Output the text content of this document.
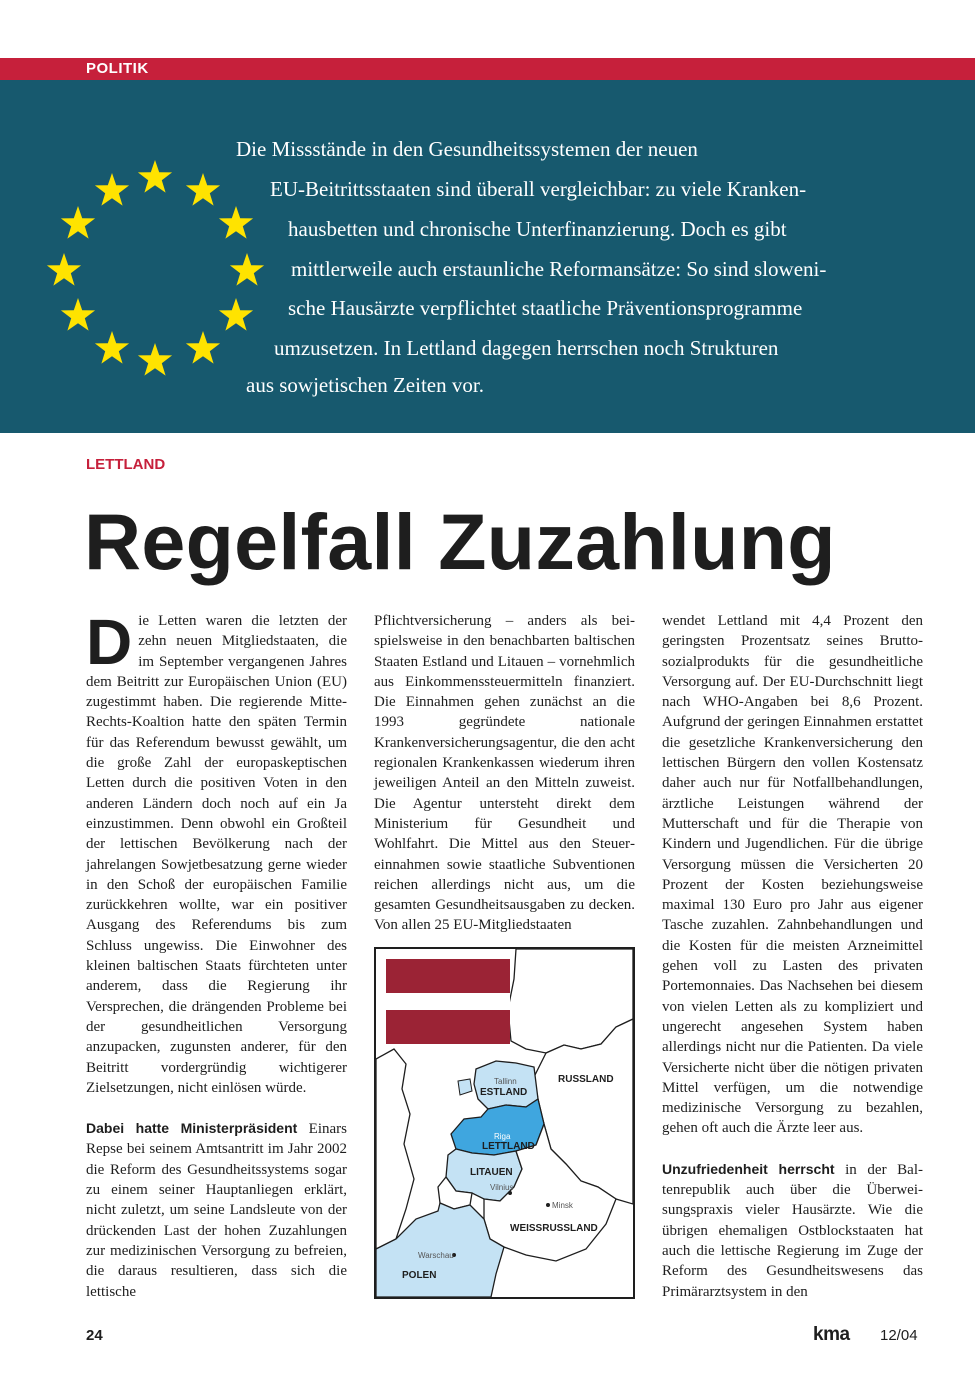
POLITIK
Die Missstände in den Gesundheitssystemen der neuen
EU-Beitrittsstaaten sind überall vergleichbar: zu viele Kranken-
hausbetten und chronische Unterfinanzierung. Doch es gibt
mittlerweile auch erstaunliche Reformansätze: So sind sloweni-
sche Hausärzte verpflichtet staatliche Präventionsprogramme
umzusetzen. In Lettland dagegen herrschen noch Strukturen
aus sowjetischen Zeiten vor.
LETTLAND
Regelfall Zuzahlung

Die Letten waren die letzten der zehn neuen Mitgliedstaaten, die im September vergangenen Jahres dem Beitritt zur Europäischen Union (EU) zugestimmt haben. Die regierende Mitte-Rechts-Koaltion hatte den späten Termin für das Referendum bewusst gewählt, um die große Zahl der europaskeptischen Letten durch die positiven Voten in den anderen Ländern doch noch auf ein Ja einzustimmen. Denn obwohl ein Großteil der lettischen Bevölkerung nach der jahrelangen Sowjetbesatzung gerne wieder in den Schoß der europäischen Familie zurückkehren wollte, war ein positiver Ausgang des Referendums bis zum Schluss ungewiss. Die Einwohner des kleinen baltischen Staats fürchteten unter anderem, dass die Regierung ihr Versprechen, die drängenden Probleme bei der gesundheitlichen Versorgung anzupacken, zugunsten anderer, für den Beitritt vordergründig wichtigerer Zielsetzungen, nicht einlösen würde.

Dabei hatte Ministerpräsident Einars Repse bei seinem Amtsantritt im Jahr 2002 die Reform des Gesundheitssystems sogar zu einem seiner Hauptanliegen erklärt, nicht zuletzt, um seine Landsleute von der drückenden Last der hohen Zuzahlungen zur medizinischen Versorgung zu befreien, die daraus resultieren, dass sich die lettische

Pflichtversicherung – anders als beispielsweise in den benachbarten baltischen Staaten Estland und Litauen – vornehmlich aus Einkommenssteuermitteln finanziert. Die Einnahmen gehen zunächst an die 1993 gegründete nationale Krankenversicherungsagentur, die den acht regionalen Krankenkassen wiederum ihren jeweiligen Anteil an den Mitteln zuweist. Die Agentur untersteht direkt dem Ministerium für Gesundheit und Wohlfahrt. Die Mittel aus den Steuereinnahmen sowie staatliche Subventionen reichen allerdings nicht aus, um die gesamten Gesundheitsausgaben zu decken. Von allen 25 EU-Mitgliedstaaten

wendet Lettland mit 4,4 Prozent den geringsten Prozentsatz seines Bruttosozialprodukts für die gesundheitliche Versorgung auf. Der EU-Durchschnitt liegt nach WHO-Angaben bei 8,6 Prozent. Aufgrund der geringen Einnahmen erstattet die gesetzliche Krankenversicherung den lettischen Bürgern den vollen Kostensatz daher auch nur für Notfallbehandlungen, ärztliche Leistungen während der Mutterschaft und für die Therapie von Kindern und Jugendlichen. Für die übrige Versorgung müssen die Versicherten 20 Prozent der Kosten beziehungsweise maximal 130 Euro pro Jahr aus eigener Tasche zuzahlen. Zahnbehandlungen und die Kosten für die meisten Arzneimittel gehen voll zu Lasten des privaten Portemonnaies. Das Nachsehen bei diesem von vielen Letten als zu kompliziert und ungerecht angesehen System haben allerdings nicht nur die Patienten. Da viele Versicherte nicht über die nötigen privaten Mittel verfügen, um die notwendige medizinische Versorgung zu bezahlen, gehen oft auch die Ärzte leer aus.

Unzufriedenheit herrscht in der Baltenrepublik auch über die Überweisungspraxis vieler Hausärzte. Wie die übrigen ehemaligen Ostblockstaaten hat auch die lettische Regierung im Zuge der Reform des Gesundheitswesens das Primärarztsystem in den

Tallinn
ESTLAND
RUSSLAND
Riga
LETTLAND
LITAUEN
Vilnius
Minsk
WEISSRUSSLAND
Warschau
POLEN
24	kma 12/04
